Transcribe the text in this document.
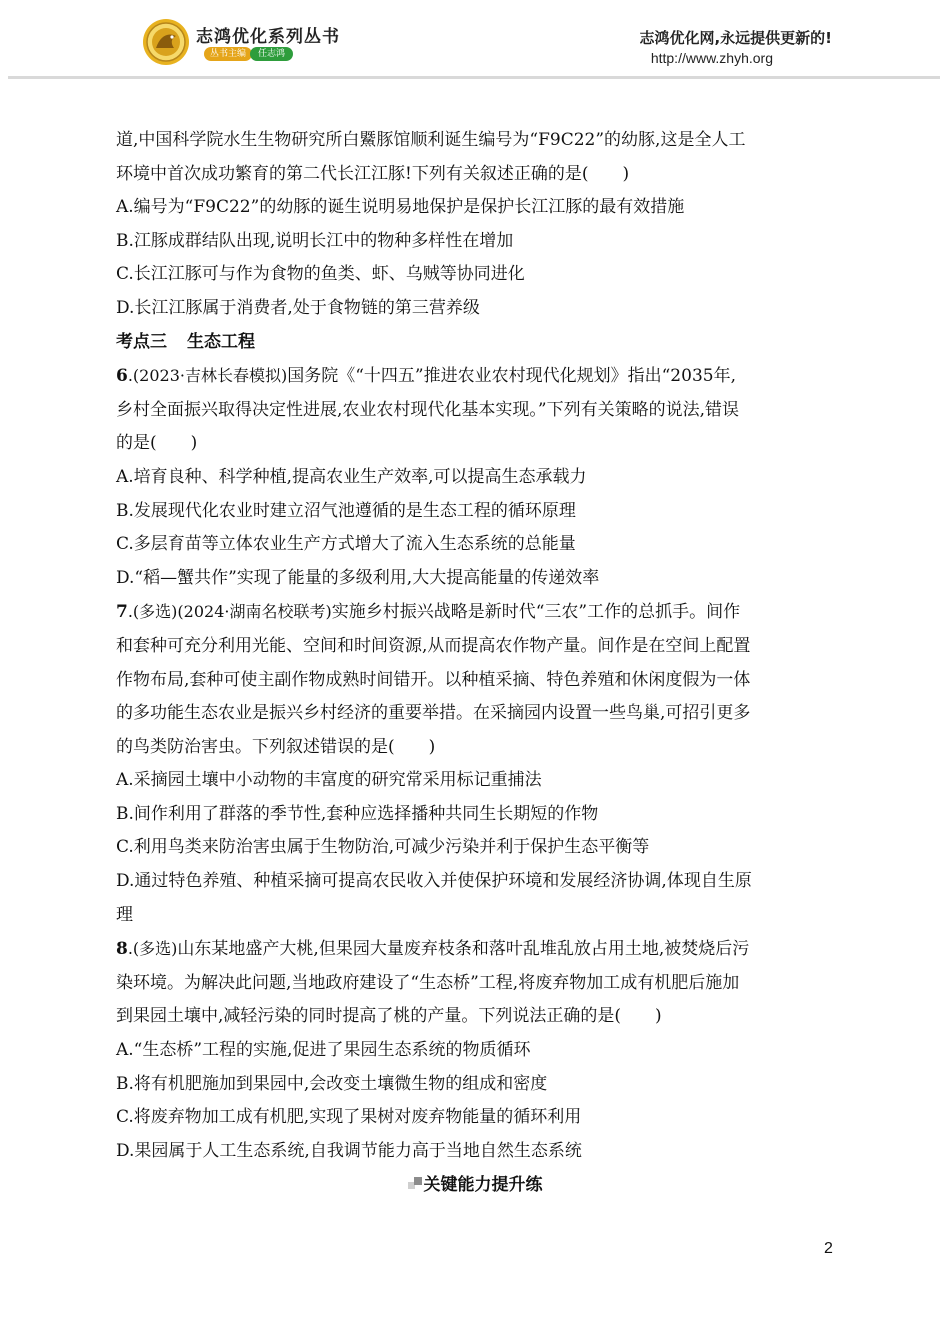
志鸿优化系列丛书
丛书主编	任志鸿
志鸿优化网,永远提供更新的!
http://www.zhyh.org
道,中国科学院水生生物研究所白鱀豚馆顺利诞生编号为“F9C22”的幼豚,这是全人工
环境中首次成功繁育的第二代长江江豚!下列有关叙述正确的是(　　)
A.编号为“F9C22”的幼豚的诞生说明易地保护是保护长江江豚的最有效措施
B.江豚成群结队出现,说明长江中的物种多样性在增加
C.长江江豚可与作为食物的鱼类、虾、乌贼等协同进化
D.长江江豚属于消费者,处于食物链的第三营养级
考点三 生态工程
6.(2023·吉林长春模拟)国务院《“十四五”推进农业农村现代化规划》指出“2035年,
乡村全面振兴取得决定性进展,农业农村现代化基本实现。”下列有关策略的说法,错误
的是(　　)
A.培育良种、科学种植,提高农业生产效率,可以提高生态承载力
B.发展现代化农业时建立沼气池遵循的是生态工程的循环原理
C.多层育苗等立体农业生产方式增大了流入生态系统的总能量
D.“稻—蟹共作”实现了能量的多级利用,大大提高能量的传递效率
7.(多选)(2024·湖南名校联考)实施乡村振兴战略是新时代“三农”工作的总抓手。间作
和套种可充分利用光能、空间和时间资源,从而提高农作物产量。间作是在空间上配置
作物布局,套种可使主副作物成熟时间错开。以种植采摘、特色养殖和休闲度假为一体
的多功能生态农业是振兴乡村经济的重要举措。在采摘园内设置一些鸟巢,可招引更多
的鸟类防治害虫。下列叙述错误的是(　　)
A.采摘园土壤中小动物的丰富度的研究常采用标记重捕法
B.间作利用了群落的季节性,套种应选择播种共同生长期短的作物
C.利用鸟类来防治害虫属于生物防治,可减少污染并利于保护生态平衡等
D.通过特色养殖、种植采摘可提高农民收入并使保护环境和发展经济协调,体现自生原
理
8.(多选)山东某地盛产大桃,但果园大量废弃枝条和落叶乱堆乱放占用土地,被焚烧后污
染环境。为解决此问题,当地政府建设了“生态桥”工程,将废弃物加工成有机肥后施加
到果园土壤中,减轻污染的同时提高了桃的产量。下列说法正确的是(　　)
A.“生态桥”工程的实施,促进了果园生态系统的物质循环
B.将有机肥施加到果园中,会改变土壤微生物的组成和密度
C.将废弃物加工成有机肥,实现了果树对废弃物能量的循环利用
D.果园属于人工生态系统,自我调节能力高于当地自然生态系统
关键能力提升练
2
